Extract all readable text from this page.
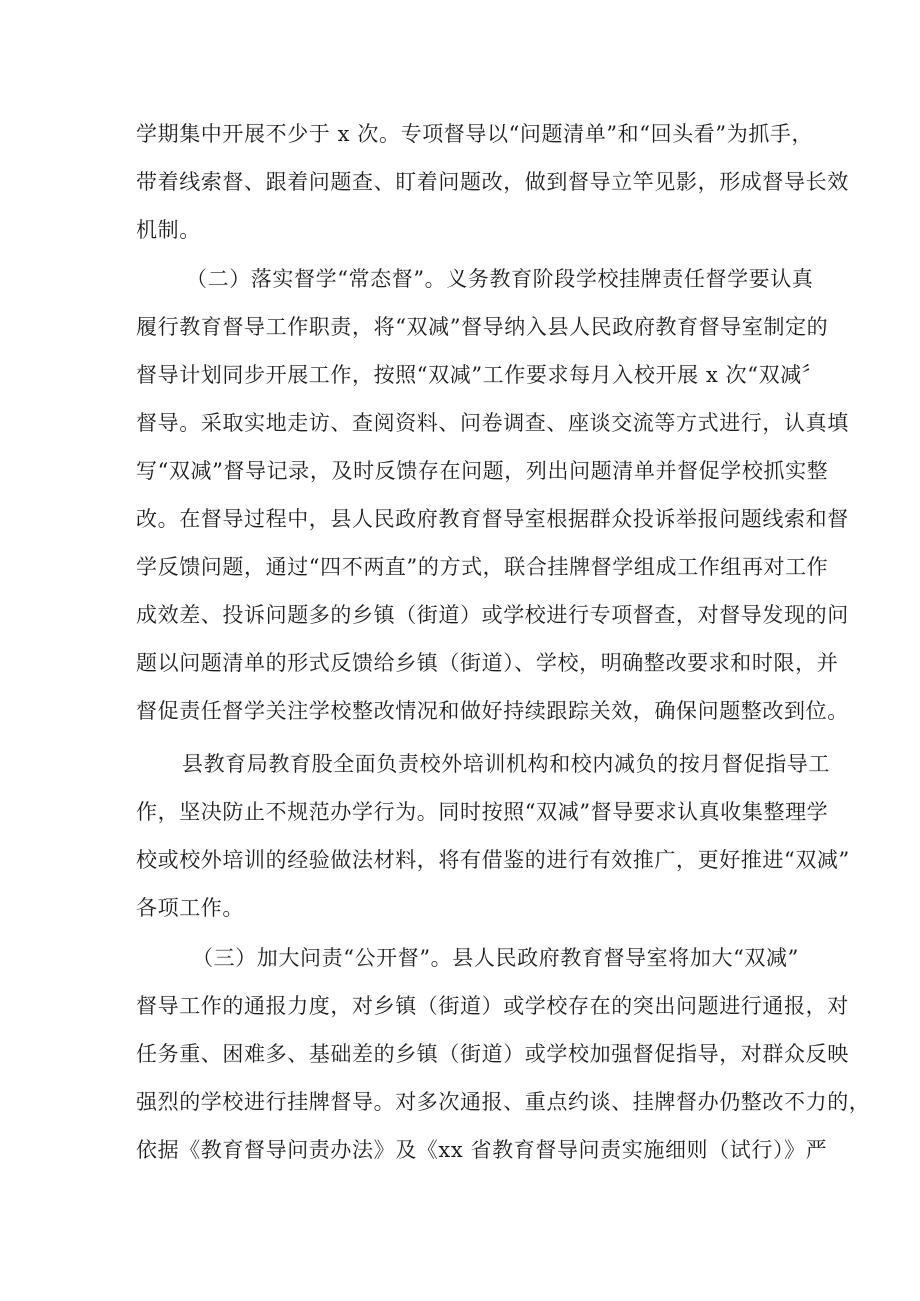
学期集中开展不少于 x 次。专项督导以“问题清单”和“回头看”为抓手，
带着线索督、跟着问题查、盯着问题改，做到督导立竿见影，形成督导长效
机制。
（二）落实督学“常态督”。义务教育阶段学校挂牌责任督学要认真
履行教育督导工作职责，将“双减”督导纳入县人民政府教育督导室制定的
督导计划同步开展工作，按照“双减”工作要求每月入校开展 x 次“双减〞
督导。采取实地走访、查阅资料、问卷调查、座谈交流等方式进行，认真填
写“双减”督导记录，及时反馈存在问题，列出问题清单并督促学校抓实整
改。在督导过程中，县人民政府教育督导室根据群众投诉举报问题线索和督
学反馈问题，通过“四不两直”的方式，联合挂牌督学组成工作组再对工作
成效差、投诉问题多的乡镇（街道）或学校进行专项督查，对督导发现的问
题以问题清单的形式反馈给乡镇（街道）、学校，明确整改要求和时限，并
督促责任督学关注学校整改情况和做好持续跟踪关效，确保问题整改到位。
县教育局教育股全面负责校外培训机构和校内减负的按月督促指导工
作，坚决防止不规范办学行为。同时按照“双减”督导要求认真收集整理学
校或校外培训的经验做法材料，将有借鉴的进行有效推广，更好推进“双减”
各项工作。
（三）加大问责“公开督”。县人民政府教育督导室将加大“双减”
督导工作的通报力度，对乡镇（街道）或学校存在的突出问题进行通报，对
任务重、困难多、基础差的乡镇（街道）或学校加强督促指导，对群众反映
强烈的学校进行挂牌督导。对多次通报、重点约谈、挂牌督办仍整改不力的，
依据《教育督导问责办法》及《xx 省教育督导问责实施细则（试行）》严
